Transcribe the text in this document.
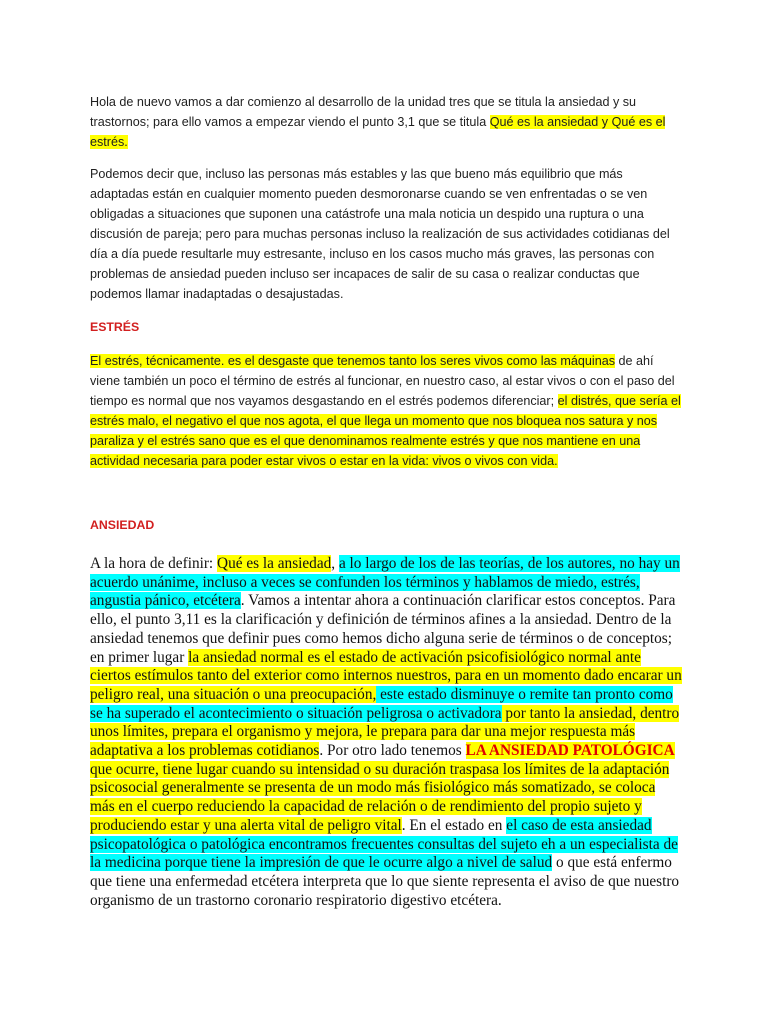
Hola de nuevo vamos a dar comienzo al desarrollo de la unidad tres que se titula la ansiedad y su trastornos; para ello vamos a empezar viendo el punto 3,1 que se titula Qué es la ansiedad y Qué es el estrés.

Podemos decir que, incluso las personas más estables y las que bueno más equilibrio que más adaptadas están en cualquier momento pueden desmoronarse cuando se ven enfrentadas o se ven obligadas a situaciones que suponen una catástrofe una mala noticia un despido una ruptura o una discusión de pareja; pero para muchas personas incluso la realización de sus actividades cotidianas del día a día puede resultarle muy estresante, incluso en los casos mucho más graves, las personas con problemas de ansiedad pueden incluso ser incapaces de salir de su casa o realizar conductas que podemos llamar inadaptadas o desajustadas.

ESTRÉS

El estrés, técnicamente. es el desgaste que tenemos tanto los seres vivos como las máquinas de ahí viene también un poco el término de estrés al funcionar, en nuestro caso, al estar vivos o con el paso del tiempo es normal que nos vayamos desgastando en el estrés podemos diferenciar; el distrés, que sería el estrés malo, el negativo el que nos agota, el que llega un momento que nos bloquea nos satura y nos paraliza y el estrés sano que es el que denominamos realmente estrés y que nos mantiene en una actividad necesaria para poder estar vivos o estar en la vida: vivos o vivos con vida.

ANSIEDAD

A la hora de definir: Qué es la ansiedad, a lo largo de los de las teorías, de los autores, no hay un acuerdo unánime, incluso a veces se confunden los términos y hablamos de miedo, estrés, angustia pánico, etcétera. Vamos a intentar ahora a continuación clarificar estos conceptos. Para ello, el punto 3,11 es la clarificación y definición de términos afines a la ansiedad. Dentro de la ansiedad tenemos que definir pues como hemos dicho alguna serie de términos o de conceptos; en primer lugar la ansiedad normal es el estado de activación psicofisiológico normal ante ciertos estímulos tanto del exterior como internos nuestros, para en un momento dado encarar un peligro real, una situación o una preocupación, este estado disminuye o remite tan pronto como se ha superado el acontecimiento o situación peligrosa o activadora por tanto la ansiedad, dentro unos límites, prepara el organismo y mejora, le prepara para dar una mejor respuesta más adaptativa a los problemas cotidianos. Por otro lado tenemos LA ANSIEDAD PATOLÓGICA que ocurre, tiene lugar cuando su intensidad o su duración traspasa los límites de la adaptación psicosocial generalmente se presenta de un modo más fisiológico más somatizado, se coloca más en el cuerpo reduciendo la capacidad de relación o de rendimiento del propio sujeto y produciendo estar y una alerta vital de peligro vital. En el estado en el caso de esta ansiedad psicopatológica o patológica encontramos frecuentes consultas del sujeto eh a un especialista de la medicina porque tiene la impresión de que le ocurre algo a nivel de salud o que está enfermo que tiene una enfermedad etcétera interpreta que lo que siente representa el aviso de que nuestro organismo de un trastorno coronario respiratorio digestivo etcétera.
